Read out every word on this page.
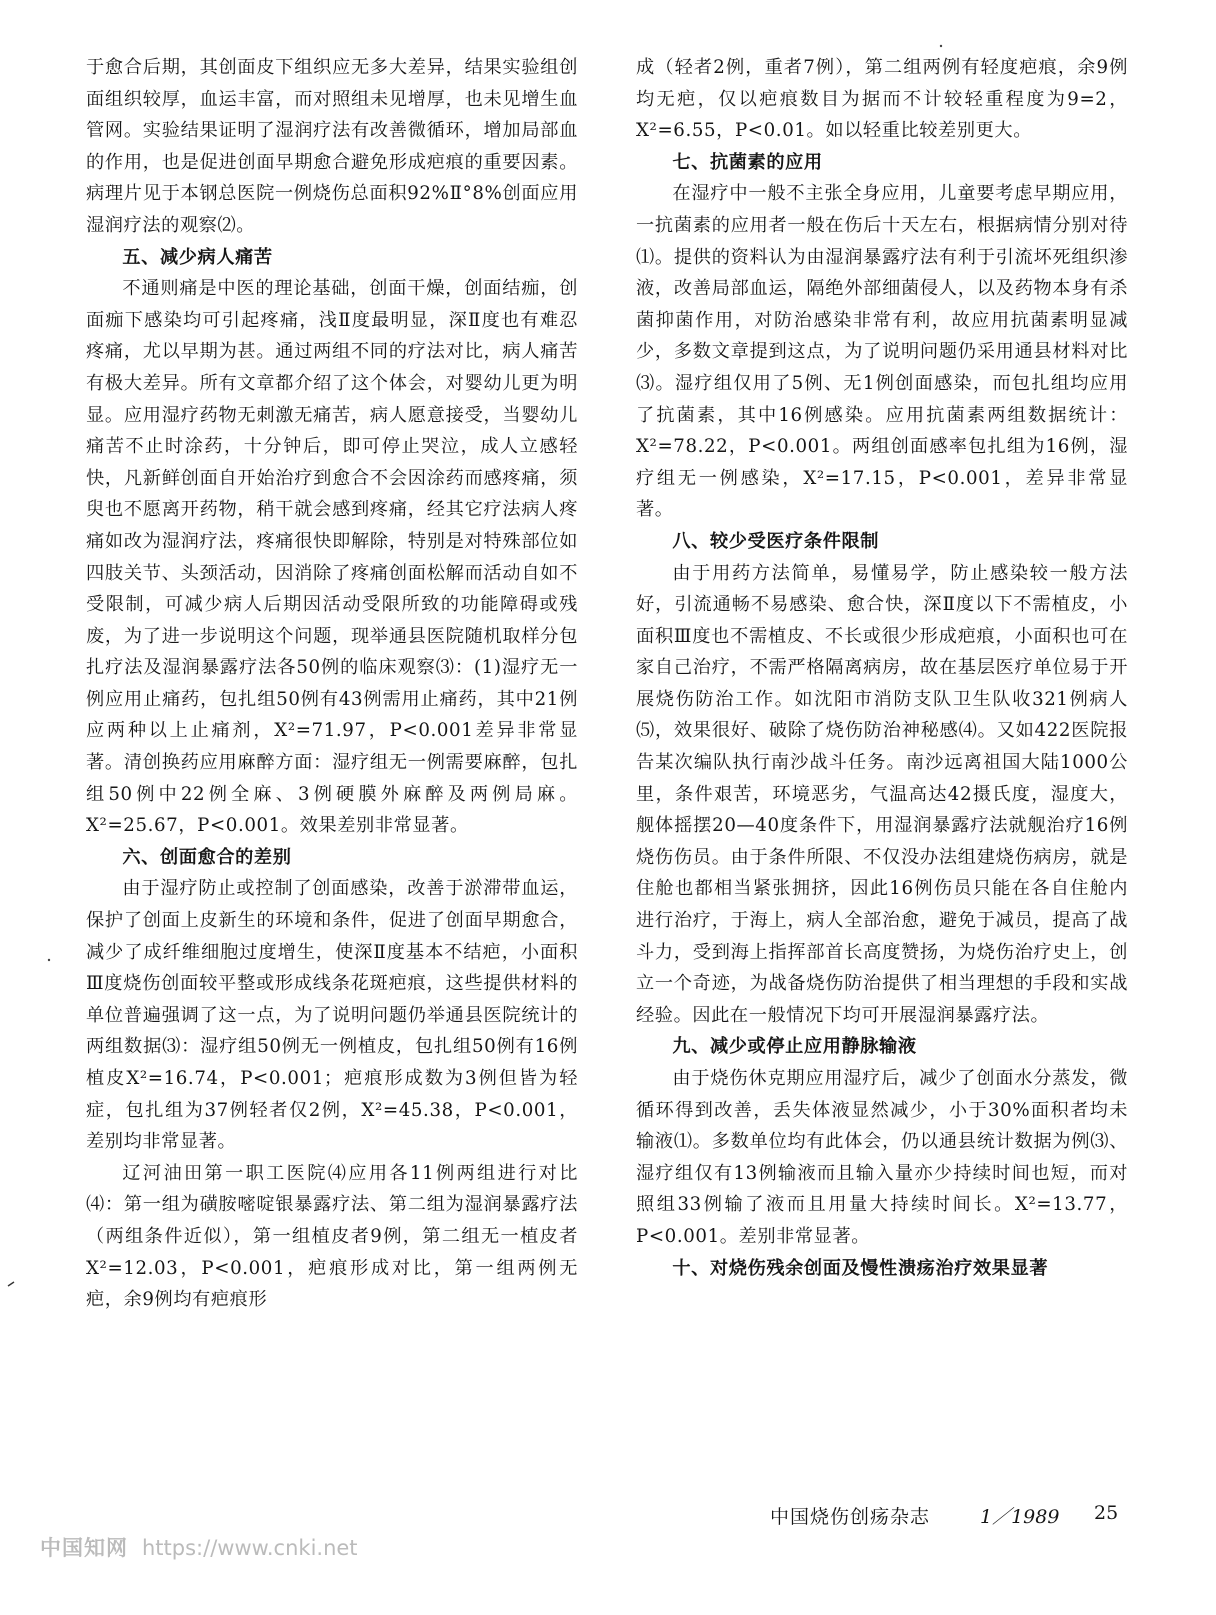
于愈合后期，其创面皮下组织应无多大差异，结果实验组创面组织较厚，血运丰富，而对照组未见增厚，也未见增生血管网。实验结果证明了湿润疗法有改善微循环，增加局部血的作用，也是促进创面早期愈合避免形成疤痕的重要因素。病理片见于本钢总医院一例烧伤总面积92%Ⅱ°8%创面应用湿润疗法的观察⑵。

五、减少病人痛苦

不通则痛是中医的理论基础，创面干燥，创面结痂，创面痂下感染均可引起疼痛，浅Ⅱ度最明显，深Ⅱ度也有难忍疼痛，尤以早期为甚。通过两组不同的疗法对比，病人痛苦有极大差异。所有文章都介绍了这个体会，对婴幼儿更为明显。应用湿疗药物无刺激无痛苦，病人愿意接受，当婴幼儿痛苦不止时涂药，十分钟后，即可停止哭泣，成人立感轻快，凡新鲜创面自开始治疗到愈合不会因涂药而感疼痛，须臾也不愿离开药物，稍干就会感到疼痛，经其它疗法病人疼痛如改为湿润疗法，疼痛很快即解除，特别是对特殊部位如四肢关节、头颈活动，因消除了疼痛创面松解而活动自如不受限制，可减少病人后期因活动受限所致的功能障碍或残废，为了进一步说明这个问题，现举通县医院随机取样分包扎疗法及湿润暴露疗法各50例的临床观察⑶：(1)湿疗无一例应用止痛药，包扎组50例有43例需用止痛药，其中21例应两种以上止痛剂，X²=71.97，P<0.001差异非常显著。清创换药应用麻醉方面：湿疗组无一例需要麻醉，包扎组50例中22例全麻、3例硬膜外麻醉及两例局麻。X²=25.67，P<0.001。效果差别非常显著。

六、创面愈合的差别

由于湿疗防止或控制了创面感染，改善于淤滞带血运，保护了创面上皮新生的环境和条件，促进了创面早期愈合，减少了成纤维细胞过度增生，使深Ⅱ度基本不结疤，小面积Ⅲ度烧伤创面较平整或形成线条花斑疤痕，这些提供材料的单位普遍强调了这一点，为了说明问题仍举通县医院统计的两组数据⑶：湿疗组50例无一例植皮，包扎组50例有16例植皮X²=16.74，P<0.001；疤痕形成数为3例但皆为轻症，包扎组为37例轻者仅2例，X²=45.38，P<0.001，差别均非常显著。

辽河油田第一职工医院⑷应用各11例两组进行对比⑷：第一组为磺胺嘧啶银暴露疗法、第二组为湿润暴露疗法（两组条件近似），第一组植皮者9例，第二组无一植皮者X²=12.03，P<0.001，疤痕形成对比，第一组两例无疤，余9例均有疤痕形

成（轻者2例，重者7例），第二组两例有轻度疤痕，余9例均无疤，仅以疤痕数目为据而不计较轻重程度为9=2，X²=6.55，P<0.01。如以轻重比较差别更大。

七、抗菌素的应用

在湿疗中一般不主张全身应用，儿童要考虑早期应用，一抗菌素的应用者一般在伤后十天左右，根据病情分别对待⑴。提供的资料认为由湿润暴露疗法有利于引流坏死组织渗液，改善局部血运，隔绝外部细菌侵人，以及药物本身有杀菌抑菌作用，对防治感染非常有利，故应用抗菌素明显减少，多数文章提到这点，为了说明问题仍采用通县材料对比⑶。湿疗组仅用了5例、无1例创面感染，而包扎组均应用了抗菌素，其中16例感染。应用抗菌素两组数据统计：X²=78.22，P<0.001。两组创面感率包扎组为16例，湿疗组无一例感染，X²=17.15，P<0.001，差异非常显著。

八、较少受医疗条件限制

由于用药方法简单，易懂易学，防止感染较一般方法好，引流通畅不易感染、愈合快，深Ⅱ度以下不需植皮，小面积Ⅲ度也不需植皮、不长或很少形成疤痕，小面积也可在家自己治疗，不需严格隔离病房，故在基层医疗单位易于开展烧伤防治工作。如沈阳市消防支队卫生队收321例病人⑸，效果很好、破除了烧伤防治神秘感⑷。又如422医院报告某次编队执行南沙战斗任务。南沙远离祖国大陆1000公里，条件艰苦，环境恶劣，气温高达42摄氏度，湿度大，舰体摇摆20—40度条件下，用湿润暴露疗法就舰治疗16例烧伤伤员。由于条件所限、不仅没办法组建烧伤病房，就是住舱也都相当紧张拥挤，因此16例伤员只能在各自住舱内进行治疗，于海上，病人全部治愈，避免于减员，提高了战斗力，受到海上指挥部首长高度赞扬，为烧伤治疗史上，创立一个奇迹，为战备烧伤防治提供了相当理想的手段和实战经验。因此在一般情况下均可开展湿润暴露疗法。

九、减少或停止应用静脉输液

由于烧伤休克期应用湿疗后，减少了创面水分蒸发，微循环得到改善，丢失体液显然减少，小于30%面积者均未输液⑴。多数单位均有此体会，仍以通县统计数据为例⑶、湿疗组仅有13例输液而且输入量亦少持续时间也短，而对照组33例输了液而且用量大持续时间长。X²=13.77，P<0.001。差别非常显著。

十、对烧伤残余创面及慢性溃疡治疗效果显著
中国烧伤创疡杂志	1／1989 25
中国知网 https://www.cnki.net
